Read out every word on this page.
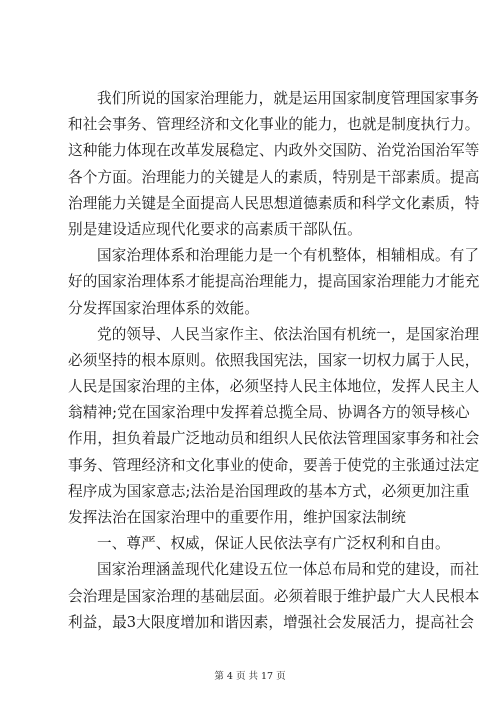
我们所说的国家治理能力，就是运用国家制度管理国家事务
和社会事务、管理经济和文化事业的能力，也就是制度执行力。
这种能力体现在改革发展稳定、内政外交国防、治党治国治军等
各个方面。治理能力的关键是人的素质，特别是干部素质。提高
治理能力关键是全面提高人民思想道德素质和科学文化素质，特
别是建设适应现代化要求的高素质干部队伍。
国家治理体系和治理能力是一个有机整体，相辅相成。有了
好的国家治理体系才能提高治理能力，提高国家治理能力才能充
分发挥国家治理体系的效能。
党的领导、人民当家作主、依法治国有机统一，是国家治理
必须坚持的根本原则。依照我国宪法，国家一切权力属于人民，
人民是国家治理的主体，必须坚持人民主体地位，发挥人民主人
翁精神;党在国家治理中发挥着总揽全局、协调各方的领导核心
作用，担负着最广泛地动员和组织人民依法管理国家事务和社会
事务、管理经济和文化事业的使命，要善于使党的主张通过法定
程序成为国家意志;法治是治国理政的基本方式，必须更加注重
发挥法治在国家治理中的重要作用，维护国家法制统
一、尊严、权威，保证人民依法享有广泛权利和自由。
国家治理涵盖现代化建设五位一体总布局和党的建设，而社
会治理是国家治理的基础层面。必须着眼于维护最广大人民根本
利益，最3大限度增加和谐因素，增强社会发展活力，提高社会
第 4 页 共 17 页
